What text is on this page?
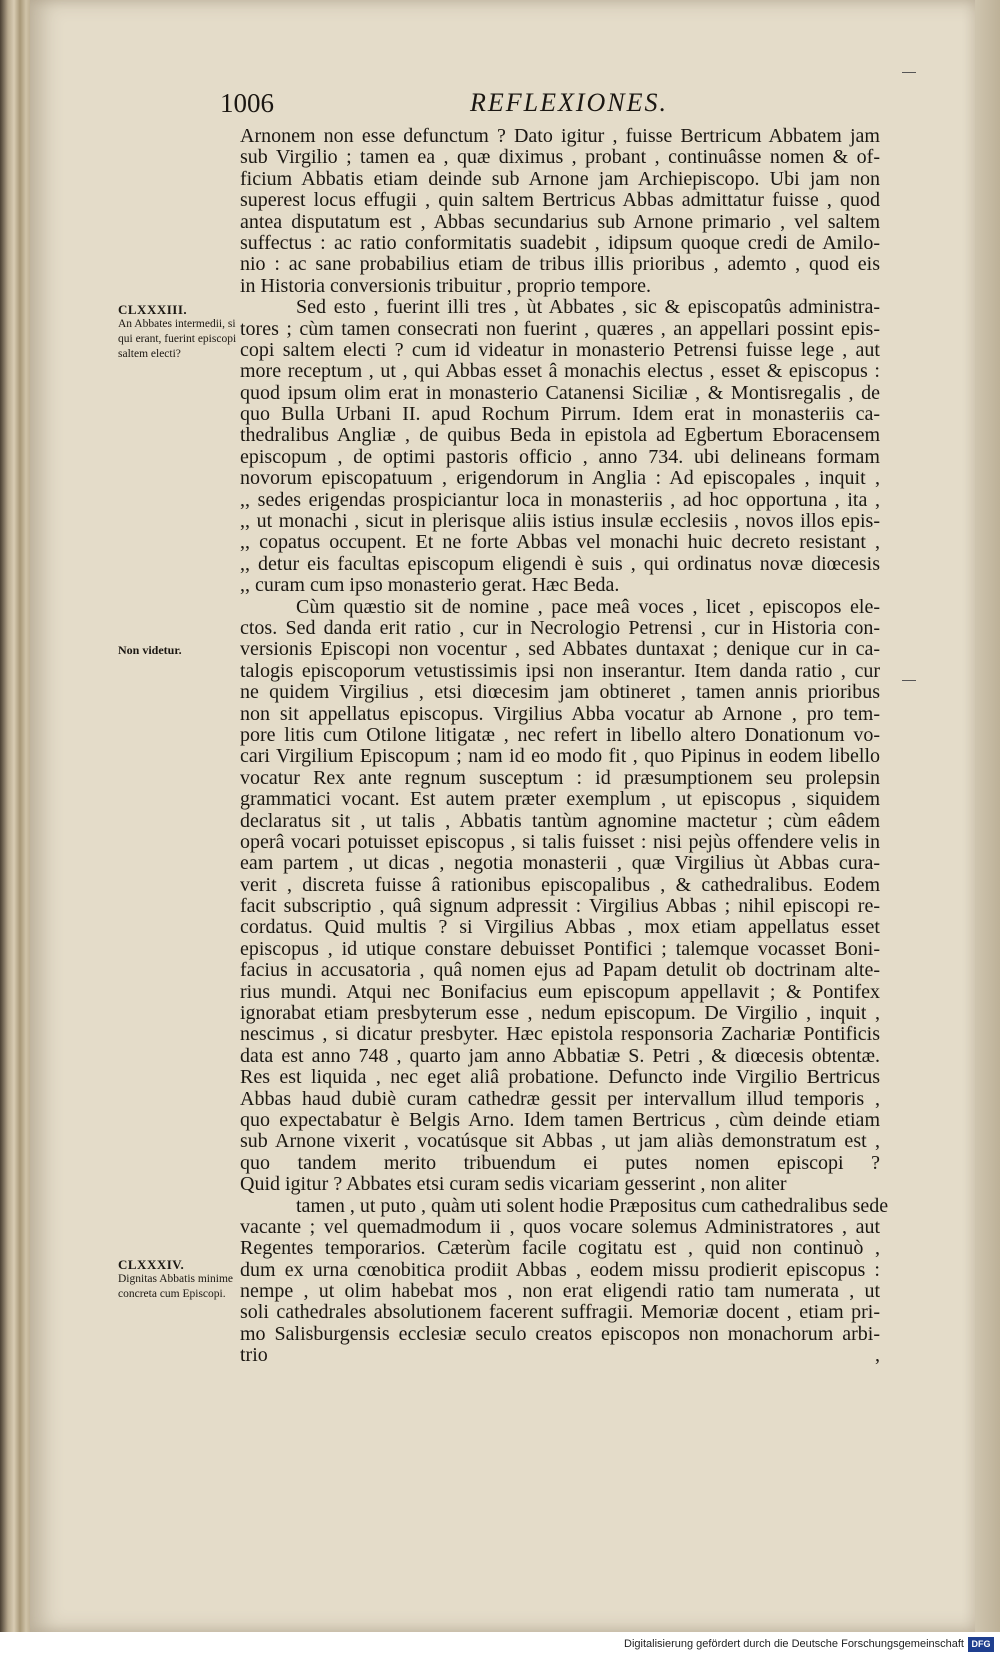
1006	REFLEXIONES.
CLXXXIII.
An Abbates intermedii, si qui erant, fuerint episcopi saltem electi?
Non videtur.
CLXXXIV.
Dignitas Abbatis minime concreta cum Episcopi.
Arnonem non esse defunctum ? Dato igitur , fuisse Bertricum Abbatem jam
sub Virgilio ; tamen ea , quæ diximus , probant , continuâsse nomen & of-
ficium Abbatis etiam deinde sub Arnone jam Archiepiscopo. Ubi jam non
superest locus effugii , quin saltem Bertricus Abbas admittatur fuisse , quod
antea disputatum est , Abbas secundarius sub Arnone primario , vel saltem
suffectus : ac ratio conformitatis suadebit , idipsum quoque credi de Amilo-
nio : ac sane probabilius etiam de tribus illis prioribus , ademto , quod eis
in Historia conversionis tribuitur , proprio tempore.
Sed esto , fuerint illi tres , ùt Abbates , sic & episcopatûs administra-
tores ; cùm tamen consecrati non fuerint , quæres , an appellari possint epis-
copi saltem electi ? cum id videatur in monasterio Petrensi fuisse lege , aut
more receptum , ut , qui Abbas esset â monachis electus , esset & episcopus :
quod ipsum olim erat in monasterio Catanensi Siciliæ , & Montisregalis , de
quo Bulla Urbani II. apud Rochum Pirrum. Idem erat in monasteriis ca-
thedralibus Angliæ , de quibus Beda in epistola ad Egbertum Eboracensem
episcopum , de optimi pastoris officio , anno 734. ubi delineans formam
novorum episcopatuum , erigendorum in Anglia : Ad episcopales , inquit ,
,, sedes erigendas prospiciantur loca in monasteriis , ad hoc opportuna , ita ,
,, ut monachi , sicut in plerisque aliis istius insulæ ecclesiis , novos illos epis-
,, copatus occupent. Et ne forte Abbas vel monachi huic decreto resistant ,
,, detur eis facultas episcopum eligendi è suis , qui ordinatus novæ diœcesis
,, curam cum ipso monasterio gerat. Hæc Beda.
Cùm quæstio sit de nomine , pace meâ voces , licet , episcopos ele-
ctos. Sed danda erit ratio , cur in Necrologio Petrensi , cur in Historia con-
versionis Episcopi non vocentur , sed Abbates duntaxat ; denique cur in ca-
talogis episcoporum vetustissimis ipsi non inserantur. Item danda ratio , cur
ne quidem Virgilius , etsi diœcesim jam obtineret , tamen annis prioribus
non sit appellatus episcopus. Virgilius Abba vocatur ab Arnone , pro tem-
pore litis cum Otilone litigatæ , nec refert in libello altero Donationum vo-
cari Virgilium Episcopum ; nam id eo modo fit , quo Pipinus in eodem libello
vocatur Rex ante regnum susceptum : id præsumptionem seu prolepsin
grammatici vocant. Est autem præter exemplum , ut episcopus , siquidem
declaratus sit , ut talis , Abbatis tantùm agnomine mactetur ; cùm eâdem
operâ vocari potuisset episcopus , si talis fuisset : nisi pejùs offendere velis in
eam partem , ut dicas , negotia monasterii , quæ Virgilius ùt Abbas cura-
verit , discreta fuisse â rationibus episcopalibus , & cathedralibus. Eodem
facit subscriptio , quâ signum adpressit : Virgilius Abbas ; nihil episcopi re-
cordatus. Quid multis ? si Virgilius Abbas , mox etiam appellatus esset
episcopus , id utique constare debuisset Pontifici ; talemque vocasset Boni-
facius in accusatoria , quâ nomen ejus ad Papam detulit ob doctrinam alte-
rius mundi. Atqui nec Bonifacius eum episcopum appellavit ; & Pontifex
ignorabat etiam presbyterum esse , nedum episcopum. De Virgilio , inquit ,
nescimus , si dicatur presbyter. Hæc epistola responsoria Zachariæ Pontificis
data est anno 748 , quarto jam anno Abbatiæ S. Petri , & diœcesis obtentæ.
Res est liquida , nec eget aliâ probatione. Defuncto inde Virgilio Bertricus
Abbas haud dubiè curam cathedræ gessit per intervallum illud temporis ,
quo expectabatur è Belgis Arno. Idem tamen Bertricus , cùm deinde etiam
sub Arnone vixerit , vocatúsque sit Abbas , ut jam aliàs demonstratum est ,
quo tandem merito tribuendum ei putes nomen episcopi ?
Quid igitur ? Abbates etsi curam sedis vicariam gesserint , non aliter
tamen , ut puto , quàm uti solent hodie Præpositus cum cathedralibus sede
vacante ; vel quemadmodum ii , quos vocare solemus Administratores , aut
Regentes temporarios. Cæterùm facile cogitatu est , quid non continuò ,
dum ex urna cœnobitica prodiit Abbas , eodem missu prodierit episcopus :
nempe , ut olim habebat mos , non erat eligendi ratio tam numerata , ut
soli cathedrales absolutionem facerent suffragii. Memoriæ docent , etiam pri-
mo Salisburgensis ecclesiæ seculo creatos episcopos non monachorum arbi-
trio ,
Digitalisierung gefördert durch die Deutsche Forschungsgemeinschaft DFG
